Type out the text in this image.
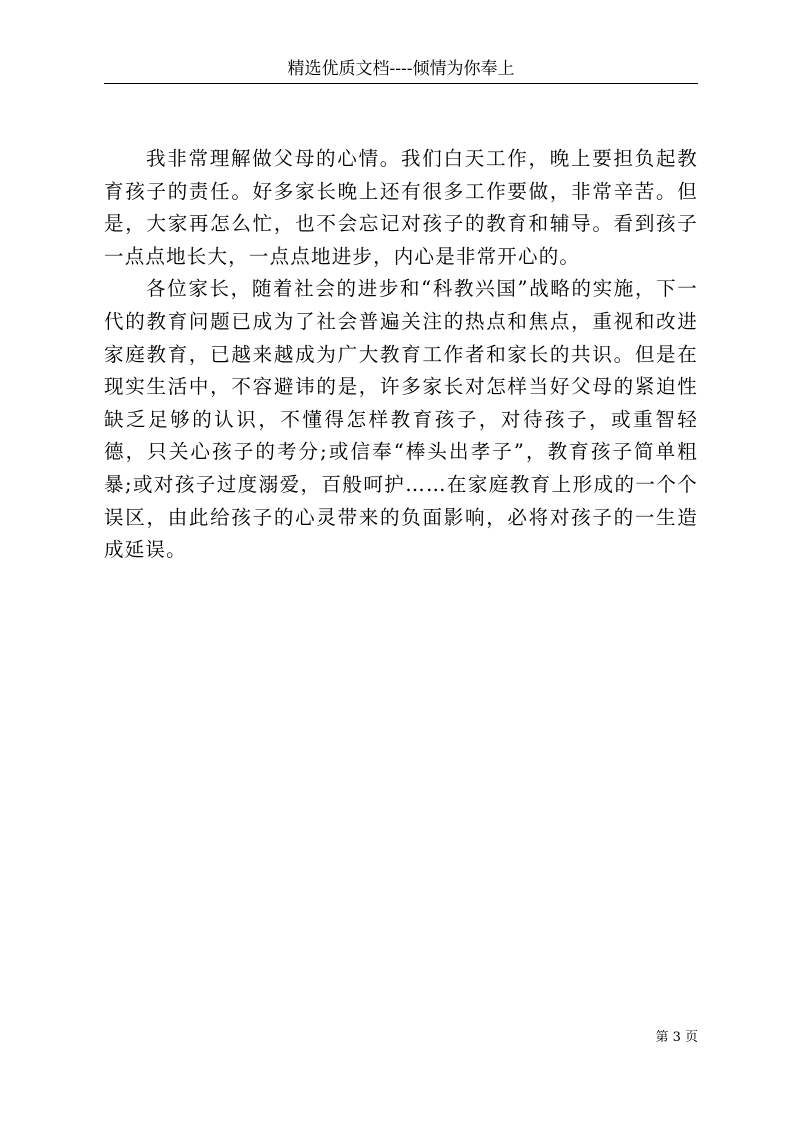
精选优质文档----倾情为你奉上

我非常理解做父母的心情。我们白天工作，晚上要担负起教育孩子的责任。好多家长晚上还有很多工作要做，非常辛苦。但是，大家再怎么忙，也不会忘记对孩子的教育和辅导。看到孩子一点点地长大，一点点地进步，内心是非常开心的。

各位家长，随着社会的进步和“科教兴国”战略的实施，下一代的教育问题已成为了社会普遍关注的热点和焦点，重视和改进家庭教育，已越来越成为广大教育工作者和家长的共识。但是在现实生活中，不容避讳的是，许多家长对怎样当好父母的紧迫性缺乏足够的认识，不懂得怎样教育孩子，对待孩子，或重智轻德，只关心孩子的考分;或信奉“棒头出孝子”，教育孩子简单粗暴;或对孩子过度溺爱，百般呵护……在家庭教育上形成的一个个误区，由此给孩子的心灵带来的负面影响，必将对孩子的一生造成延误。

第 3 页
